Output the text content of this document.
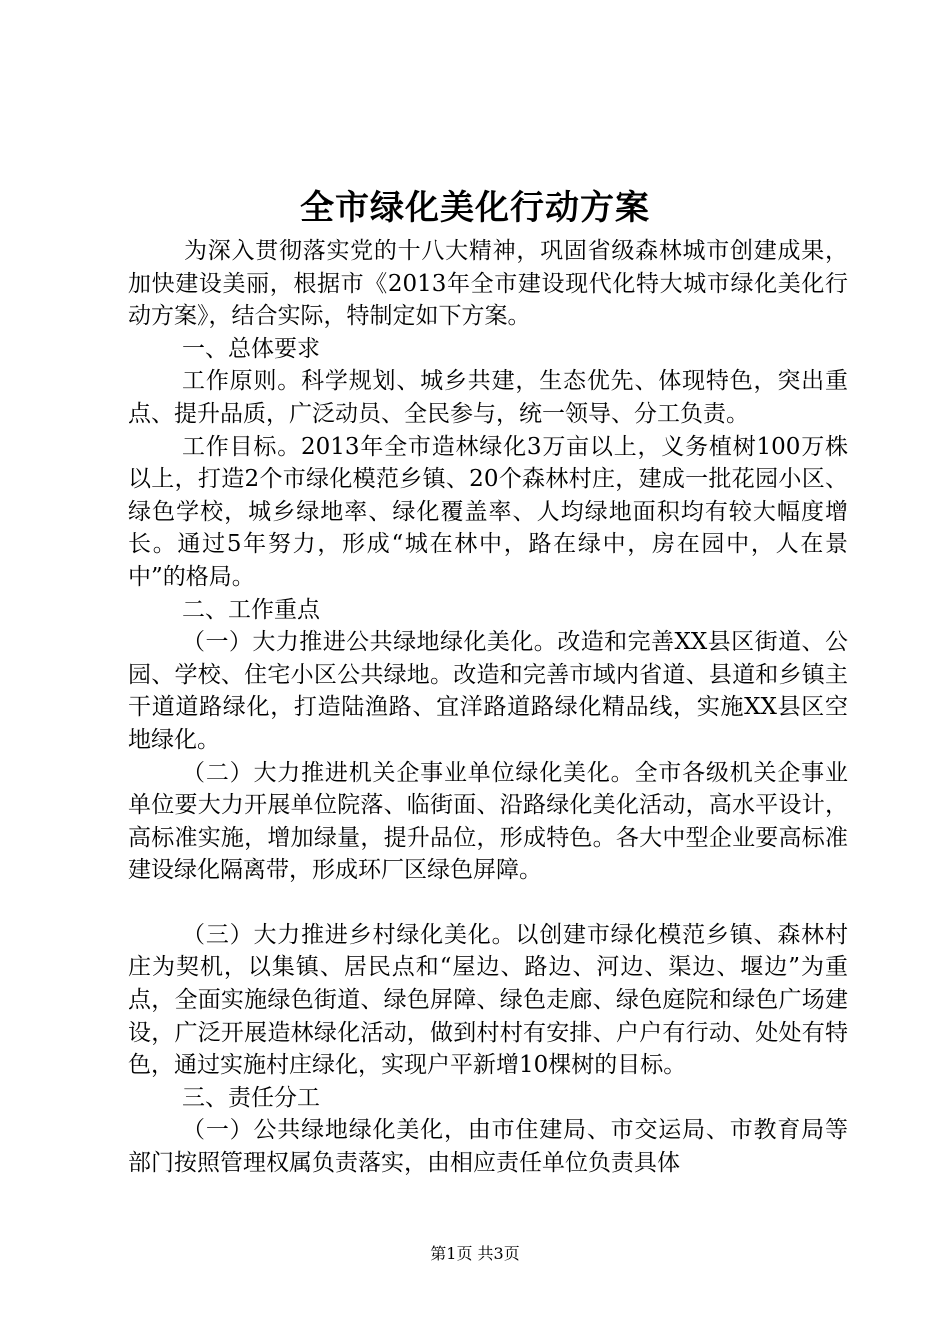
全市绿化美化行动方案

为深入贯彻落实党的十八大精神，巩固省级森林城市创建成果，加快建设美丽，根据市《2013年全市建设现代化特大城市绿化美化行动方案》，结合实际，特制定如下方案。

一、总体要求

工作原则。科学规划、城乡共建，生态优先、体现特色，突出重点、提升品质，广泛动员、全民参与，统一领导、分工负责。

工作目标。2013年全市造林绿化3万亩以上，义务植树100万株以上，打造2个市绿化模范乡镇、20个森林村庄，建成一批花园小区、绿色学校，城乡绿地率、绿化覆盖率、人均绿地面积均有较大幅度增长。通过5年努力，形成“城在林中，路在绿中，房在园中，人在景中”的格局。

二、工作重点

（一）大力推进公共绿地绿化美化。改造和完善XX县区街道、公园、学校、住宅小区公共绿地。改造和完善市域内省道、县道和乡镇主干道道路绿化，打造陆渔路、宜洋路道路绿化精品线，实施XX县区空地绿化。

（二）大力推进机关企事业单位绿化美化。全市各级机关企事业单位要大力开展单位院落、临街面、沿路绿化美化活动，高水平设计，高标准实施，增加绿量，提升品位，形成特色。各大中型企业要高标准建设绿化隔离带，形成环厂区绿色屏障。

（三）大力推进乡村绿化美化。以创建市绿化模范乡镇、森林村庄为契机，以集镇、居民点和“屋边、路边、河边、渠边、堰边”为重点，全面实施绿色街道、绿色屏障、绿色走廊、绿色庭院和绿色广场建设，广泛开展造林绿化活动，做到村村有安排、户户有行动、处处有特色，通过实施村庄绿化，实现户平新增10棵树的目标。

三、责任分工

（一）公共绿地绿化美化，由市住建局、市交运局、市教育局等部门按照管理权属负责落实，由相应责任单位负责具体

第1页 共3页
